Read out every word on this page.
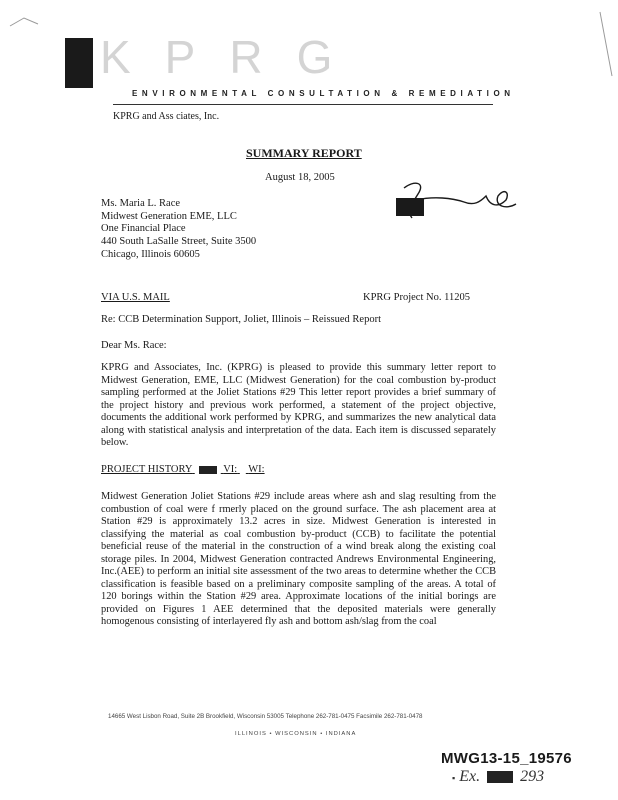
KPRG
ENVIRONMENTAL CONSULTATION & REMEDIATION
KPRG and Ass ciates, Inc.
SUMMARY REPORT
August 18, 2005
Ms. Maria L. Race
Midwest Generation EME, LLC
One Financial Place
440 South LaSalle Street, Suite 3500
Chicago, Illinois 60605
VIA U.S. MAIL	KPRG Project No. 11205
Re: CCB Determination Support, Joliet, Illinois – Reissued Report
Dear Ms. Race:
KPRG and Associates, Inc. (KPRG) is pleased to provide this summary letter report to Midwest Generation, EME, LLC (Midwest Generation) for the coal combustion by-product sampling performed at the Joliet Stations #29 This letter report provides a brief summary of the project history and previous work performed, a statement of the project objective, documents the additional work performed by KPRG, and summarizes the new analytical data along with statistical analysis and interpretation of the data. Each item is discussed separately below.
PROJECT HISTORY	VI: WI:
Midwest Generation Joliet Stations #29 include areas where ash and slag resulting from the combustion of coal were f rmerly placed on the ground surface. The ash placement area at Station #29 is approximately 13.2 acres in size. Midwest Generation is interested in classifying the material as coal combustion by-product (CCB) to facilitate the potential beneficial reuse of the material in the construction of a wind break along the existing coal storage piles. In 2004, Midwest Generation contracted Andrews Environmental Engineering, Inc.(AEE) to perform an initial site assessment of the two areas to determine whether the CCB classification is feasible based on a preliminary composite sampling of the areas. A total of 120 borings within the Station #29 area. Approximate locations of the initial borings are provided on Figures 1 AEE determined that the deposited materials were generally homogenous consisting of interlayered fly ash and bottom ash/slag from the coal
14665 West Lisbon Road, Suite 2B Brookfield, Wisconsin 53005 Telephone 262-781-0475 Facsimile 262-781-0478
ILLINOIS • WISCONSIN • INDIANA
MWG13-15_19576
▪ Ex.	293
